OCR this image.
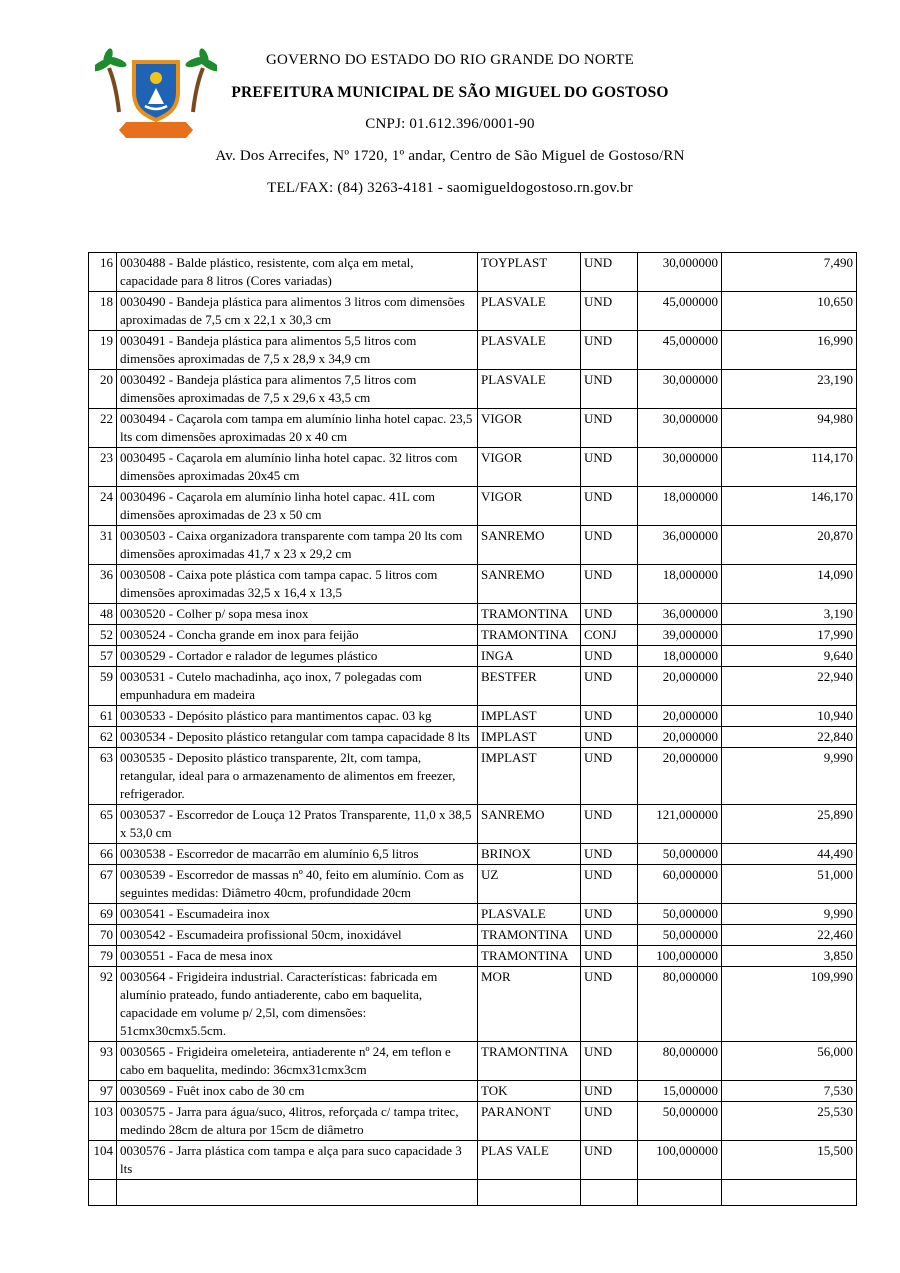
GOVERNO DO ESTADO DO RIO GRANDE DO NORTE
PREFEITURA MUNICIPAL DE SÃO MIGUEL DO GOSTOSO
CNPJ: 01.612.396/0001-90
Av. Dos Arrecifes, Nº 1720, 1º andar, Centro de São Miguel de Gostoso/RN
TEL/FAX: (84) 3263-4181 - saomigueldogostoso.rn.gov.br
16	0030488 - Balde plástico, resistente, com alça em metal, capacidade para 8 litros (Cores variadas)	TOYPLAST	UND	30,000000	7,490
18	0030490 - Bandeja plástica para alimentos 3 litros com dimensões aproximadas de 7,5 cm x 22,1 x 30,3 cm	PLASVALE	UND	45,000000	10,650
19	0030491 - Bandeja plástica para alimentos 5,5 litros com dimensões aproximadas de 7,5 x 28,9 x 34,9 cm	PLASVALE	UND	45,000000	16,990
20	0030492 - Bandeja plástica para alimentos 7,5 litros com dimensões aproximadas de 7,5 x 29,6 x 43,5 cm	PLASVALE	UND	30,000000	23,190
22	0030494 - Caçarola com tampa em alumínio linha hotel capac. 23,5 lts com dimensões aproximadas 20 x 40 cm	VIGOR	UND	30,000000	94,980
23	0030495 - Caçarola em alumínio linha hotel capac. 32 litros com dimensões aproximadas 20x45 cm	VIGOR	UND	30,000000	114,170
24	0030496 - Caçarola em alumínio linha hotel capac. 41L com dimensões aproximadas de 23 x 50 cm	VIGOR	UND	18,000000	146,170
31	0030503 - Caixa organizadora transparente com tampa 20 lts com dimensões aproximadas 41,7 x 23 x 29,2 cm	SANREMO	UND	36,000000	20,870
36	0030508 - Caixa pote plástica com tampa capac. 5 litros com dimensões aproximadas 32,5 x 16,4 x 13,5	SANREMO	UND	18,000000	14,090
48	0030520 - Colher p/ sopa mesa inox	TRAMONTINA	UND	36,000000	3,190
52	0030524 - Concha grande em inox para feijão	TRAMONTINA	CONJ	39,000000	17,990
57	0030529 - Cortador e ralador de legumes plástico	INGA	UND	18,000000	9,640
59	0030531 - Cutelo machadinha, aço inox, 7 polegadas com empunhadura em madeira	BESTFER	UND	20,000000	22,940
61	0030533 - Depósito plástico para mantimentos capac. 03 kg	IMPLAST	UND	20,000000	10,940
62	0030534 - Deposito plástico retangular com tampa capacidade 8 lts	IMPLAST	UND	20,000000	22,840
63	0030535 - Deposito plástico transparente, 2lt, com tampa, retangular, ideal para o armazenamento de alimentos em freezer, refrigerador.	IMPLAST	UND	20,000000	9,990
65	0030537 - Escorredor de Louça 12 Pratos Transparente, 11,0 x 38,5 x 53,0 cm	SANREMO	UND	121,000000	25,890
66	0030538 - Escorredor de macarrão em alumínio 6,5 litros	BRINOX	UND	50,000000	44,490
67	0030539 - Escorredor de massas nº 40, feito em alumínio. Com as seguintes medidas: Diâmetro 40cm, profundidade 20cm	UZ	UND	60,000000	51,000
69	0030541 - Escumadeira inox	PLASVALE	UND	50,000000	9,990
70	0030542 - Escumadeira profissional 50cm, inoxidável	TRAMONTINA	UND	50,000000	22,460
79	0030551 - Faca de mesa inox	TRAMONTINA	UND	100,000000	3,850
92	0030564 - Frigideira industrial. Características: fabricada em alumínio prateado, fundo antiaderente, cabo em baquelita, capacidade em volume p/ 2,5l, com dimensões: 51cmx30cmx5.5cm.	MOR	UND	80,000000	109,990
93	0030565 - Frigideira omeleteira, antiaderente nº 24, em teflon e cabo em baquelita, medindo: 36cmx31cmx3cm	TRAMONTINA	UND	80,000000	56,000
97	0030569 - Fuêt inox cabo de 30 cm	TOK	UND	15,000000	7,530
103	0030575 - Jarra para água/suco, 4litros, reforçada c/ tampa tritec, medindo 28cm de altura por 15cm de diâmetro	PARANONT	UND	50,000000	25,530
104	0030576 - Jarra plástica com tampa e alça para suco capacidade 3 lts	PLAS VALE	UND	100,000000	15,500
